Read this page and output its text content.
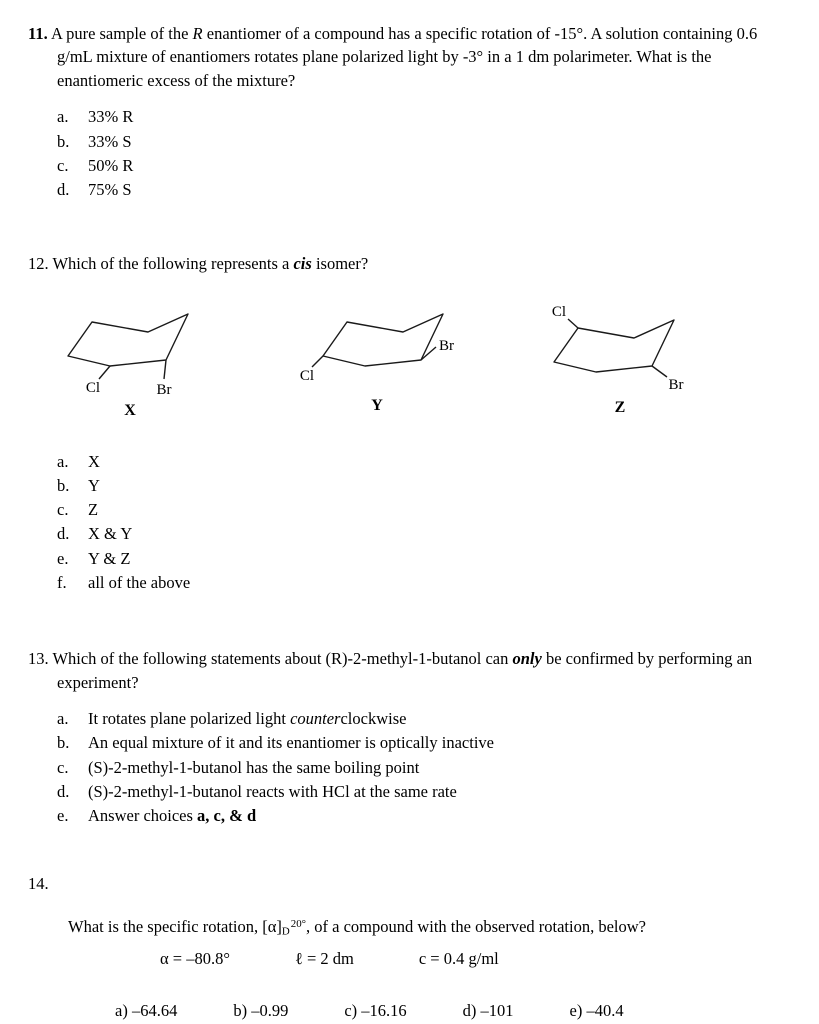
11. A pure sample of the R enantiomer of a compound has a specific rotation of -15°. A solution containing 0.6 g/mL mixture of enantiomers rotates plane polarized light by -3° in a 1 dm polarimeter. What is the enantiomeric excess of the mixture?

a. 33% R
b. 33% S
c. 50% R
d. 75% S

12. Which of the following represents a cis isomer?

Cl	Br
X
Cl
Br
Y
Cl
Br
Z
a. X
b. Y
c. Z
d. X & Y
e. Y & Z
f. all of the above

13. Which of the following statements about (R)-2-methyl-1-butanol can only be confirmed by performing an experiment?

a. It rotates plane polarized light counterclockwise
b. An equal mixture of it and its enantiomer is optically inactive
c. (S)-2-methyl-1-butanol has the same boiling point
d. (S)-2-methyl-1-butanol reacts with HCl at the same rate
e. Answer choices a, c, & d

14.

What is the specific rotation, $[\alpha]_D^{20^\circ}$, of a compound with the observed rotation, below?

α = –80.8°	ℓ = 2 dm	c = 0.4 g/ml
a) –64.64	b) –0.99	c) –16.16	d) –101	e) –40.4
